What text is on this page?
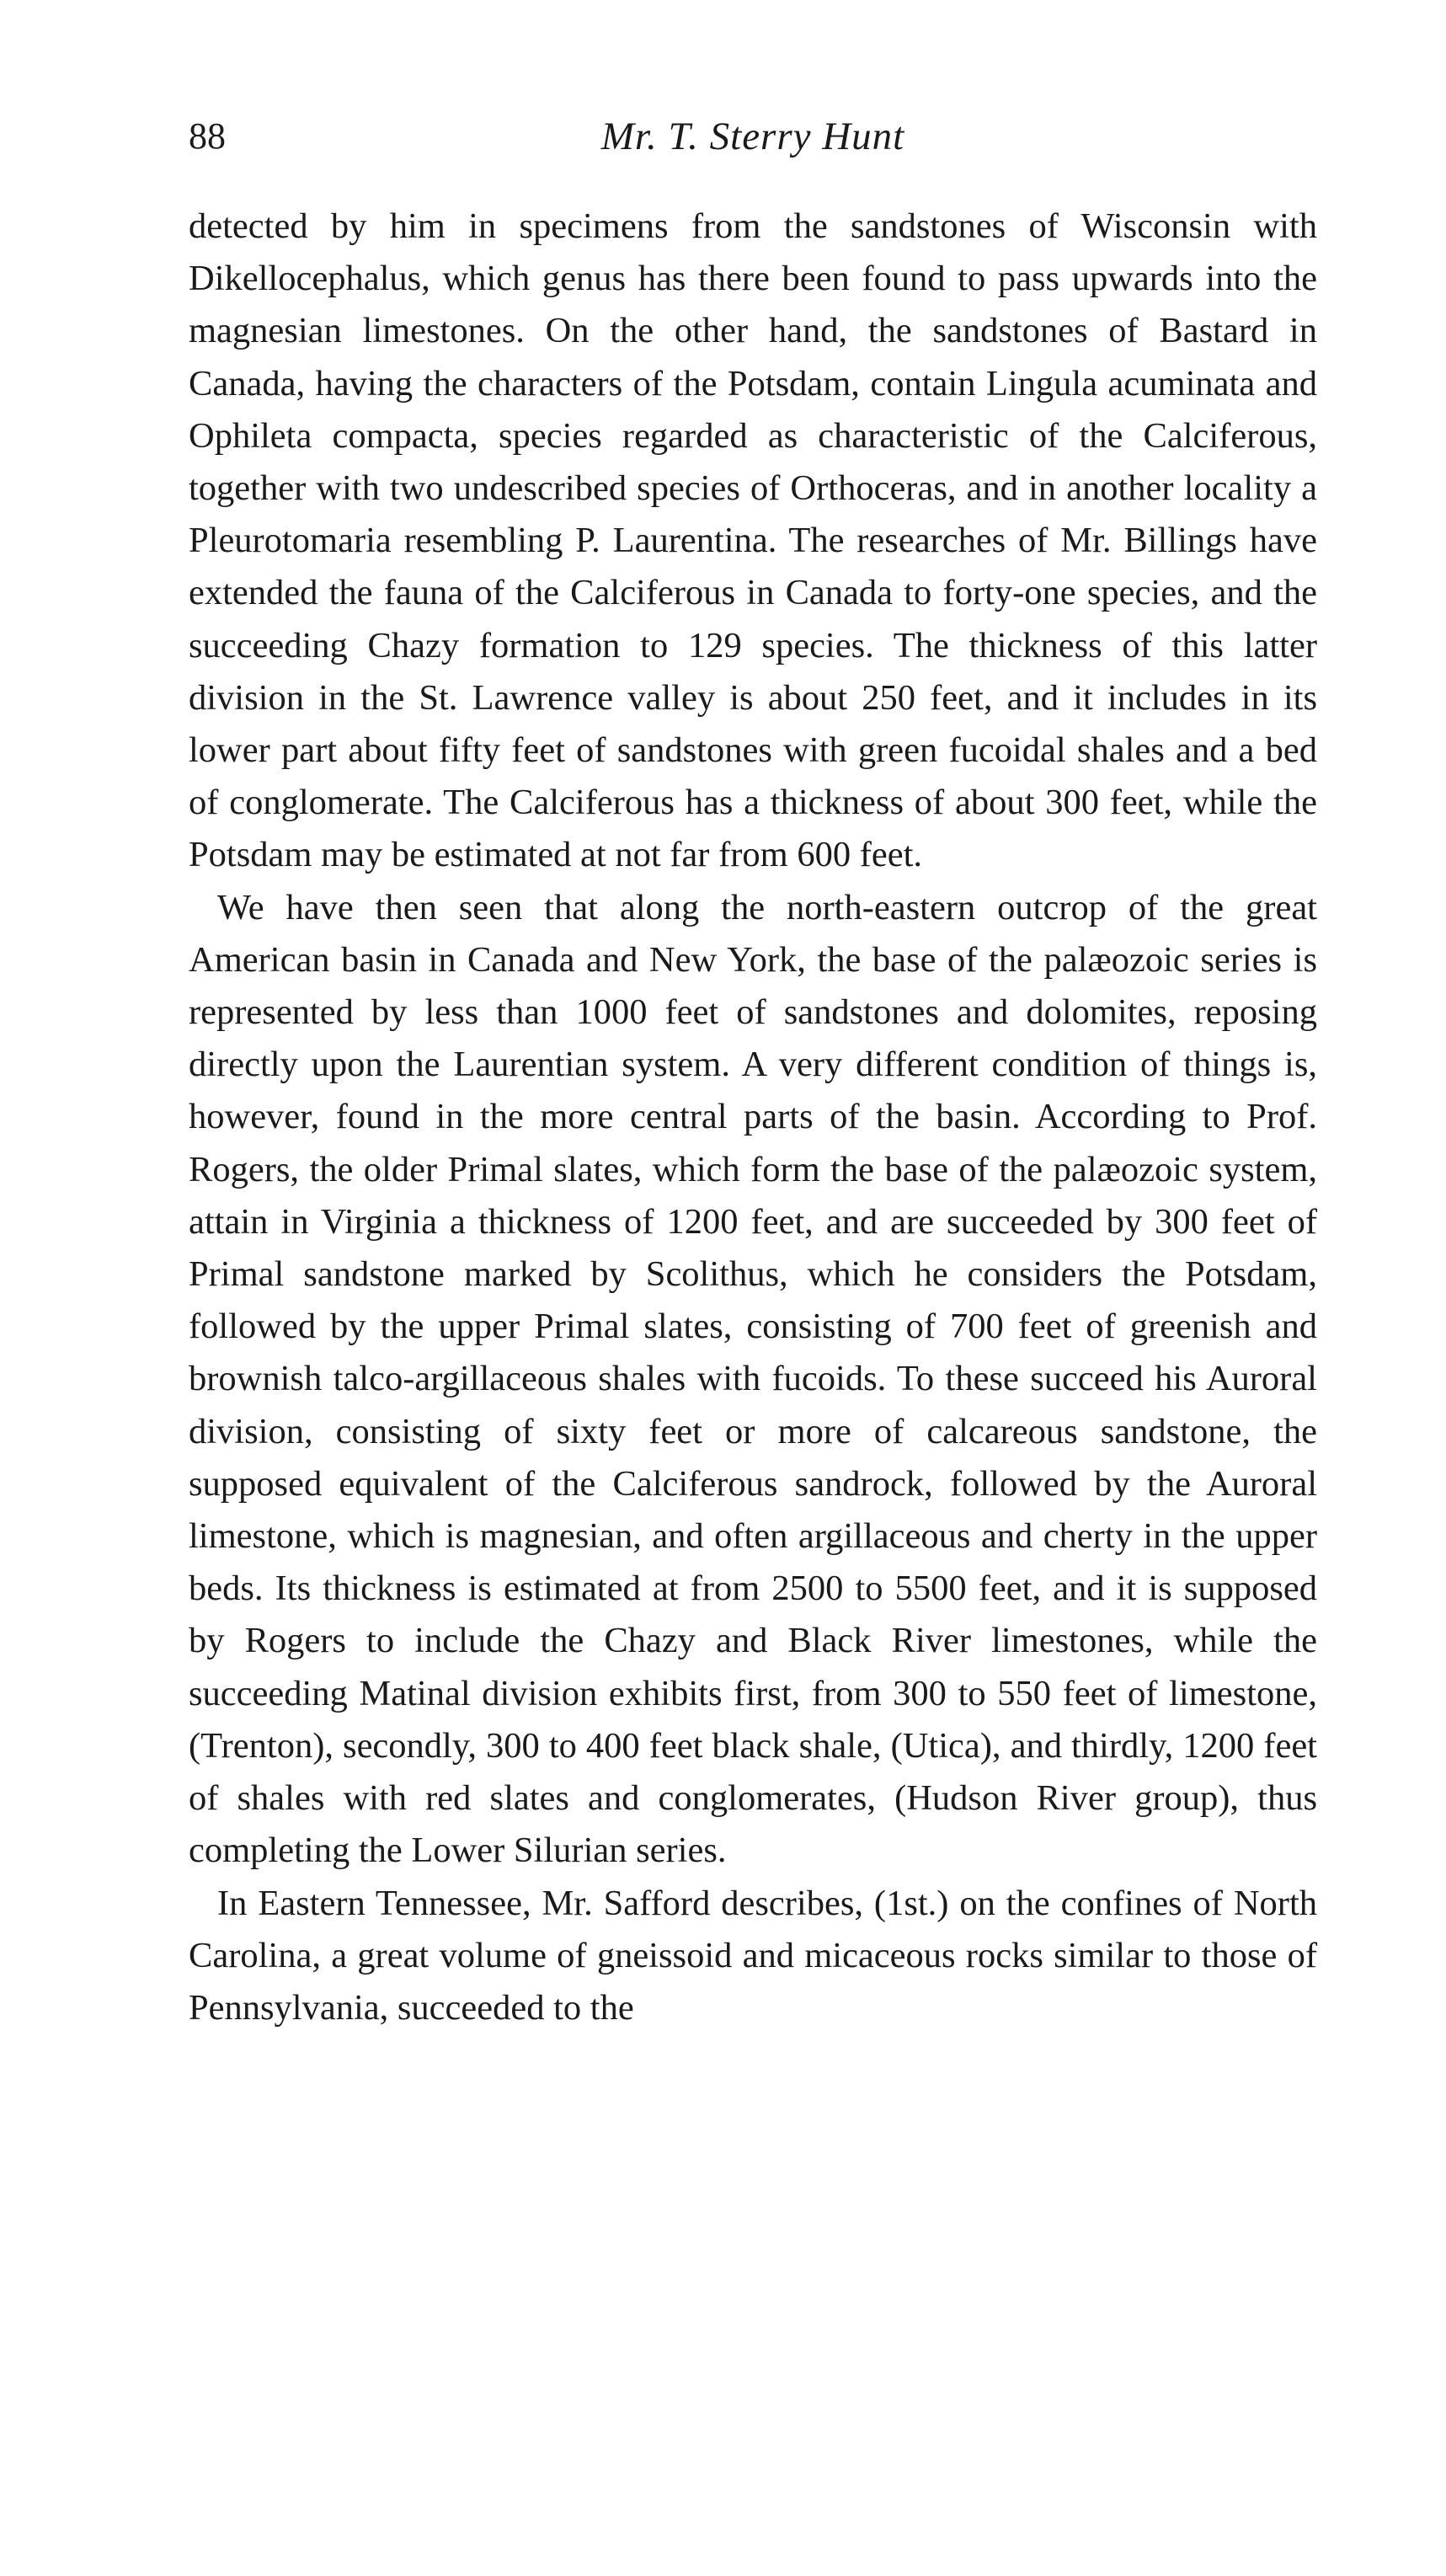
88	Mr. T. Sterry Hunt

detected by him in specimens from the sandstones of Wisconsin with Dikellocephalus, which genus has there been found to pass upwards into the magnesian limestones. On the other hand, the sandstones of Bastard in Canada, having the characters of the Potsdam, contain Lingula acuminata and Ophileta compacta, species regarded as characteristic of the Calciferous, together with two undescribed species of Orthoceras, and in another locality a Pleurotomaria resembling P. Laurentina. The researches of Mr. Billings have extended the fauna of the Calciferous in Canada to forty-one species, and the succeeding Chazy formation to 129 species. The thickness of this latter division in the St. Lawrence valley is about 250 feet, and it includes in its lower part about fifty feet of sandstones with green fucoidal shales and a bed of conglomerate. The Calciferous has a thickness of about 300 feet, while the Potsdam may be estimated at not far from 600 feet.

We have then seen that along the north-eastern outcrop of the great American basin in Canada and New York, the base of the palæozoic series is represented by less than 1000 feet of sandstones and dolomites, reposing directly upon the Laurentian system. A very different condition of things is, however, found in the more central parts of the basin. According to Prof. Rogers, the older Primal slates, which form the base of the palæozoic system, attain in Virginia a thickness of 1200 feet, and are succeeded by 300 feet of Primal sandstone marked by Scolithus, which he considers the Potsdam, followed by the upper Primal slates, consisting of 700 feet of greenish and brownish talco-argillaceous shales with fucoids. To these succeed his Auroral division, consisting of sixty feet or more of calcareous sandstone, the supposed equivalent of the Calciferous sandrock, followed by the Auroral limestone, which is magnesian, and often argillaceous and cherty in the upper beds. Its thickness is estimated at from 2500 to 5500 feet, and it is supposed by Rogers to include the Chazy and Black River limestones, while the succeeding Matinal division exhibits first, from 300 to 550 feet of limestone, (Trenton), secondly, 300 to 400 feet black shale, (Utica), and thirdly, 1200 feet of shales with red slates and conglomerates, (Hudson River group), thus completing the Lower Silurian series.

In Eastern Tennessee, Mr. Safford describes, (1st.) on the confines of North Carolina, a great volume of gneissoid and micaceous rocks similar to those of Pennsylvania, succeeded to the
